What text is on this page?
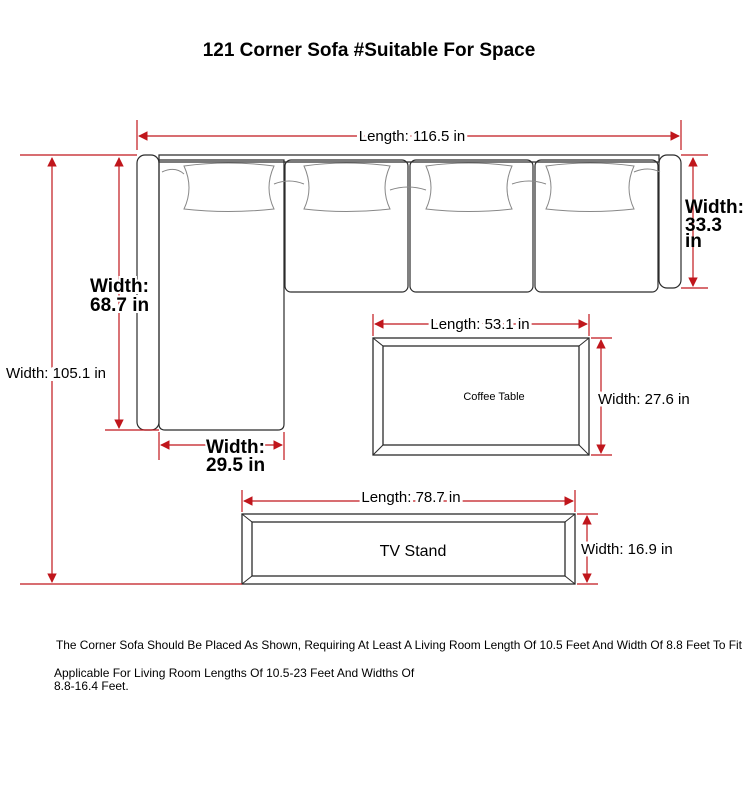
121 Corner Sofa #Suitable For Space
Coffee Table
TV Stand
Length: 116.5 in
Width: 105.1 in
Width:
68.7 in
Width:
33.3
in
Width:
29.5 in
Length: 53.1 in
Width: 27.6 in
Length: 78.7 in
Width: 16.9 in
The Corner Sofa Should Be Placed As Shown, Requiring At Least A Living Room Length Of 10.5 Feet And Width Of 8.8 Feet To Fit
Applicable For Living Room Lengths Of 10.5-23 Feet And Widths Of
8.8-16.4 Feet.
